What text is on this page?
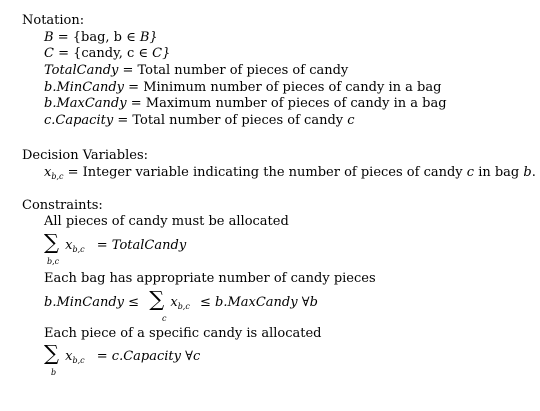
Notation:
B = {bag, b ∈ B}
C = {candy, c ∈ C}
TotalCandy = Total number of pieces of candy
b.MinCandy = Minimum number of pieces of candy in a bag
b.MaxCandy = Maximum number of pieces of candy in a bag
c.Capacity = Total number of pieces of candy c
Decision Variables:
$x_{b,c}$ = Integer variable indicating the number of pieces of candy c in bag b.
Constraints:
All pieces of candy must be allocated
∑ $x_{b,c}$ = TotalCandy
b,c
Each bag has appropriate number of candy pieces
b.MinCandy ≤ ∑ $x_{b,c}$ ≤ b.MaxCandy ∀b
c
Each piece of a specific candy is allocated
∑ $x_{b,c}$ = c.Capacity ∀c
b
